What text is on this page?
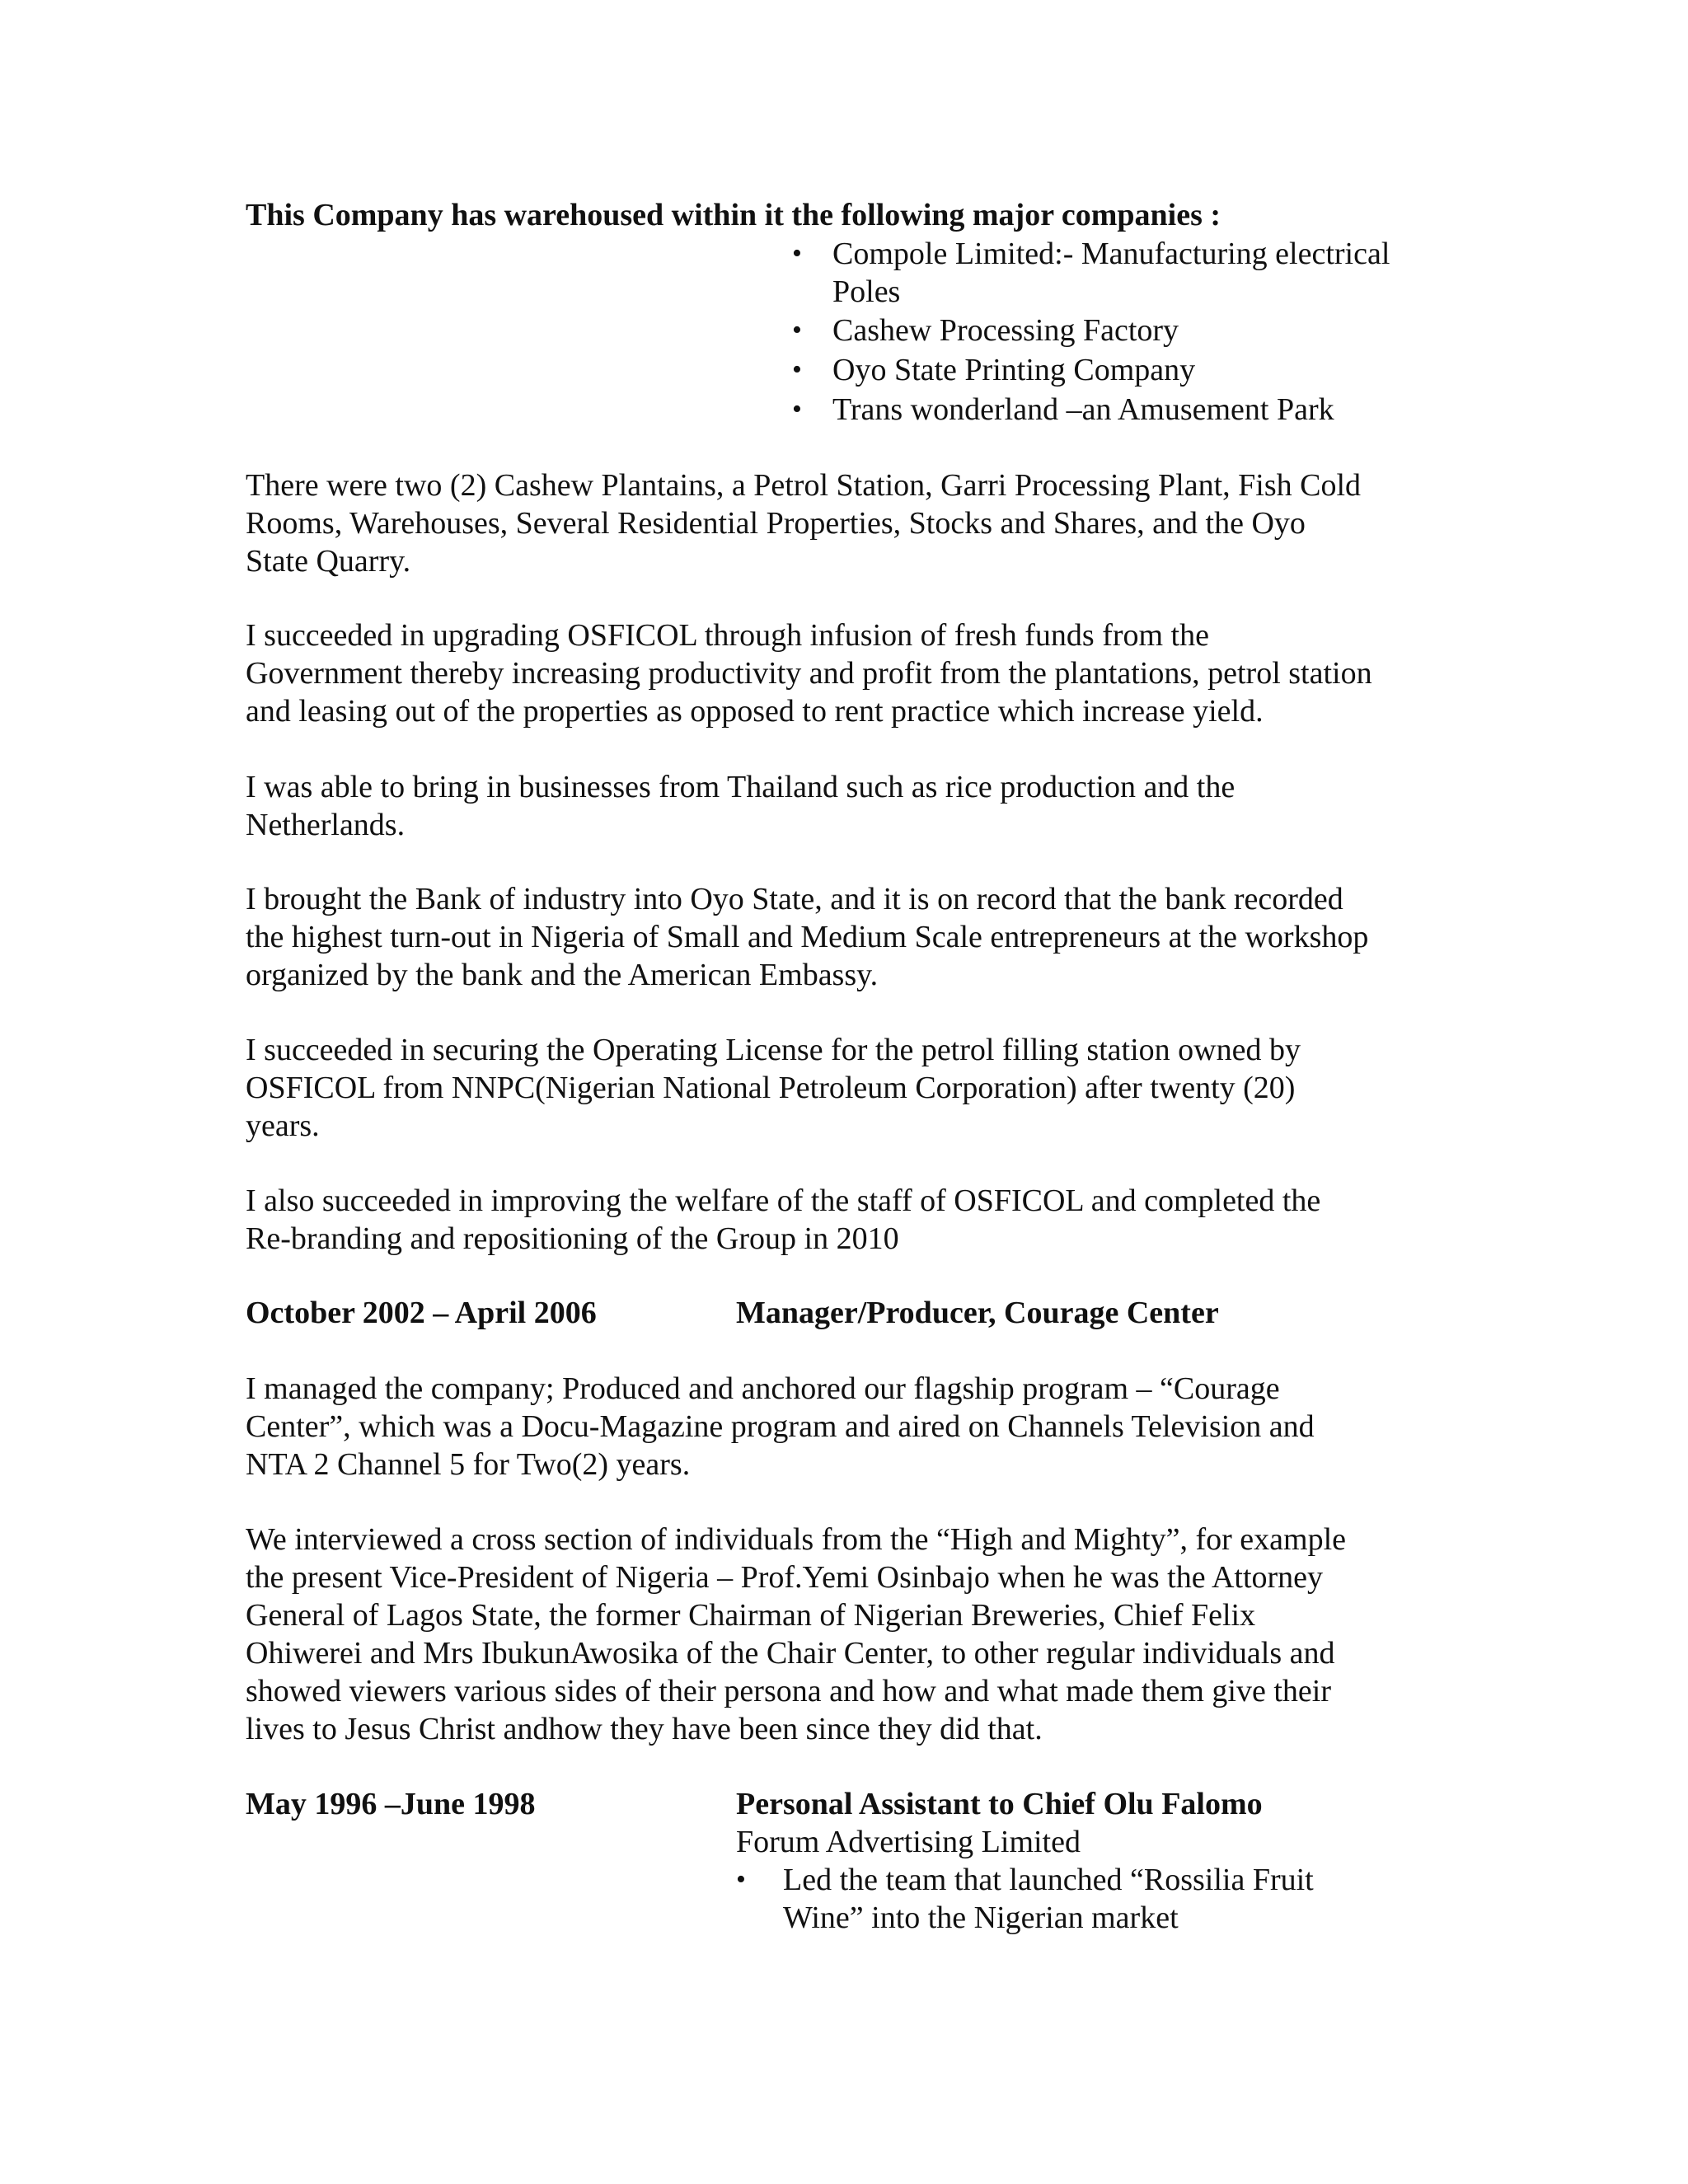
This Company has warehoused within it the following major companies :
• Compole Limited:- Manufacturing electrical
Poles
• Cashew Processing Factory
• Oyo State Printing Company
• Trans wonderland –an Amusement Park
There were two (2) Cashew Plantains, a Petrol Station, Garri Processing Plant, Fish Cold
Rooms, Warehouses, Several Residential Properties, Stocks and Shares, and the Oyo
State Quarry.
I succeeded in upgrading OSFICOL through infusion of fresh funds from the
Government thereby increasing productivity and profit from the plantations, petrol station
and leasing out of the properties as opposed to rent practice which increase yield.
I was able to bring in businesses from Thailand such as rice production and the
Netherlands.
I brought the Bank of industry into Oyo State, and it is on record that the bank recorded
the highest turn-out in Nigeria of Small and Medium Scale entrepreneurs at the workshop
organized by the bank and the American Embassy.
I succeeded in securing the Operating License for the petrol filling station owned by
OSFICOL from NNPC(Nigerian National Petroleum Corporation) after twenty (20)
years.
I also succeeded in improving the welfare of the staff of OSFICOL and completed the
Re-branding and repositioning of the Group in 2010
October 2002 – April 2006	Manager/Producer, Courage Center
I managed the company; Produced and anchored our flagship program – “Courage
Center”, which was a Docu-Magazine program and aired on Channels Television and
NTA 2 Channel 5 for Two(2) years.
We interviewed a cross section of individuals from the “High and Mighty”, for example
the present Vice-President of Nigeria – Prof.Yemi Osinbajo when he was the Attorney
General of Lagos State, the former Chairman of Nigerian Breweries, Chief Felix
Ohiwerei and Mrs IbukunAwosika of the Chair Center, to other regular individuals and
showed viewers various sides of their persona and how and what made them give their
lives to Jesus Christ andhow they have been since they did that.
May 1996 –June 1998	Personal Assistant to Chief Olu Falomo
Forum Advertising Limited
• Led the team that launched “Rossilia Fruit
Wine” into the Nigerian market
